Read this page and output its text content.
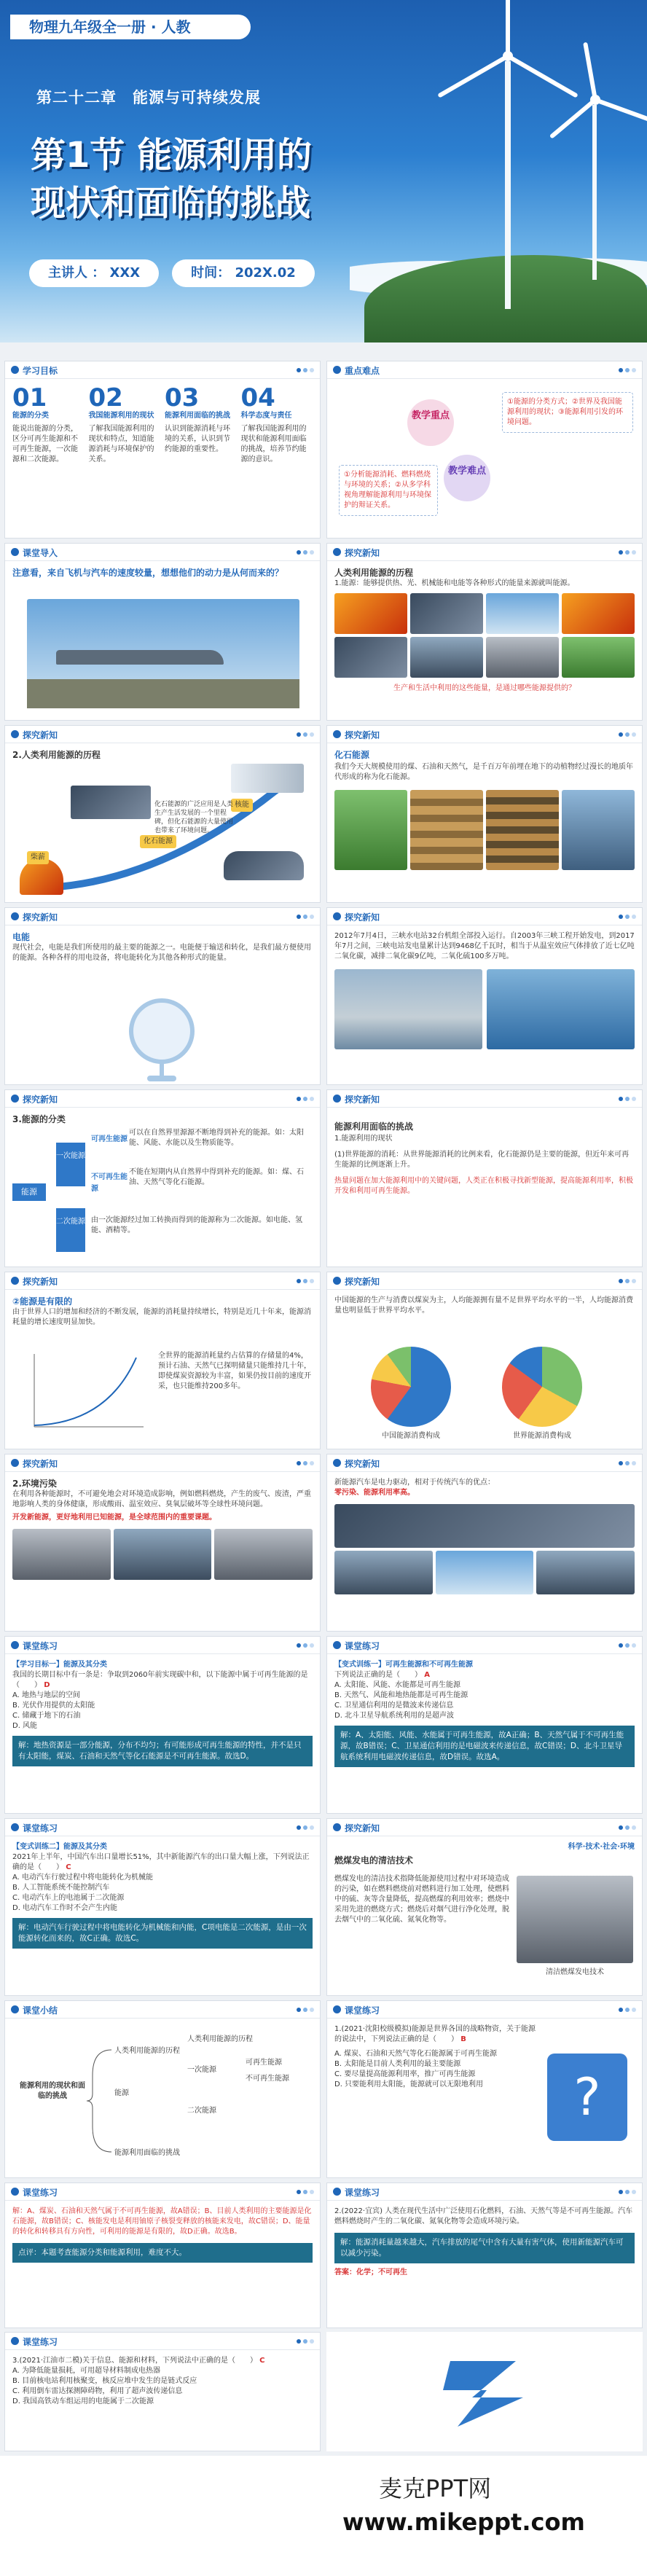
物理九年级全一册 · 人教
第二十二章　能源与可持续发展
第1节 能源利用的
现状和面临的挑战
主讲人 ： XXX	时间： 202X.02
学习目标
01
能源的分类
能说出能源的分类，区分可再生能源和不可再生能源，一次能源和二次能源。
02
我国能源利用的现状
了解我国能源利用的现状和特点，知道能源消耗与环境保护的关系。
03
能源利用面临的挑战
认识到能源消耗与环境的关系，认识到节约能源的重要性。
04
科学态度与责任
了解我国能源利用的现状和能源利用面临的挑战，培养节约能源的意识。
重点难点
教学重点
教学难点
①能源的分类方式；②世界及我国能源利用的现状；③能源利用引发的环境问题。
①分析能源消耗、燃料燃烧与环境的关系；②从多学科视角理解能源利用与环境保护的辩证关系。
课堂导入
注意看，来自飞机与汽车的速度较量，想想他们的动力是从何而来的？
探究新知
人类利用能源的历程
1.能源：能够提供热、光、机械能和电能等各种形式的能量来源就叫能源。
生产和生活中利用的这些能量，是通过哪些能源提供的？
探究新知
2.人类利用能源的历程
柴薪
化石能源
核能
化石能源的广泛应用是人类生产生活发展的一个里程碑，但化石能源的大量使用也带来了环境问题。
探究新知
化石能源
我们今天大规模使用的煤、石油和天然气，是千百万年前埋在地下的动植物经过漫长的地质年代形成的称为化石能源。
探究新知
电能
现代社会，电能是我们所使用的最主要的能源之一。电能便于输送和转化，是我们最方便使用的能源。各种各样的用电设备，将电能转化为其他各种形式的能量。
探究新知
2012年7月4日，三峡水电站32台机组全部投入运行。自2003年三峡工程开始发电，到2017年7月之间，三峡电站发电量累计达到9468亿千瓦时，相当于从温室效应气体排放了近七亿吨二氧化碳，减排二氧化碳9亿吨，二氧化硫100多万吨。
探究新知
3.能源的分类
能源
一次能源
二次能源
可再生能源
不可再生能源
可以在自然界里源源不断地得到补充的能源。如：太阳能、风能、水能以及生物质能等。
不能在短期内从自然界中得到补充的能源。如：煤、石油、天然气等化石能源。
由一次能源经过加工转换而得到的能源称为二次能源。如电能、氢能、酒精等。
探究新知
能源利用面临的挑战
1.能源利用的现状
(1)世界能源的消耗：从世界能源消耗的比例来看，化石能源仍是主要的能源，但近年来可再生能源的比例逐渐上升。
热量问题在加大能源利用中的关键问题，人类正在积极寻找新型能源，提高能源利用率，积极开发和利用可再生能源。
探究新知
②能源是有限的
由于世界人口的增加和经济的不断发展，能源的消耗量持续增长，特别是近几十年来，能源消耗量的增长速度明显加快。
全世界的能源消耗量约占估算的存储量的4%，预计石油、天然气已探明储量只能维持几十年，即使煤炭资源较为丰富，如果仍按目前的速度开采，也只能维持200多年。
探究新知
中国能源的生产与消费以煤炭为主，人均能源拥有量不足世界平均水平的一半，人均能源消费量也明显低于世界平均水平。
中国能源消费构成	世界能源消费构成
探究新知
2.环境污染
在利用各种能源时，不可避免地会对环境造成影响，例如燃料燃烧，产生的废气、废渣，严重地影响人类的身体健康，形成酸雨、温室效应、臭氧层破坏等全球性环境问题。
开发新能源，更好地利用已知能源，是全球范围内的重要课题。
探究新知
新能源汽车是电力驱动，相对于传统汽车的优点：
零污染、能源利用率高。
课堂练习
【学习目标一】能源及其分类
我国的长期目标中有一条是：争取到2060年前实现碳中和，以下能源中属于可再生能源的是（　　） D
A. 地热与地层的空间
B. 光伏作用提供的太阳能
C. 储藏于地下的石油
D. 风能
解：地热资源是一部分能源，分布不均匀；有可能形成可再生能源的特性，并不是只有太阳能，煤炭、石油和天然气等化石能源是不可再生能源。故选D。
课堂练习
【变式训练一】可再生能源和不可再生能源
下列说法正确的是（　　） A
A. 太阳能、风能、水能都是可再生能源
B. 天然气、风能和地热能都是可再生能源
C. 卫星通信利用的是微波来传递信息
D. 北斗卫星导航系统利用的是超声波
解：A、太阳能、风能、水能属于可再生能源，故A正确；B、天然气属于不可再生能源，故B错误；C、卫星通信利用的是电磁波来传递信息，故C错误；D、北斗卫星导航系统利用电磁波传递信息，故D错误。故选A。
课堂练习
【变式训练二】能源及其分类
2021年上半年，中国汽车出口量增长51%，其中新能源汽车的出口量大幅上涨，下列说法正确的是（　　） C
A. 电动汽车行驶过程中将电能转化为机械能
B. 人工智能系统不能控制汽车
C. 电动汽车上的电池属于二次能源
D. 电动汽车工作时不会产生内能
解：电动汽车行驶过程中将电能转化为机械能和内能，C项电能是二次能源，是由一次能源转化而来的，故C正确。故选C。
探究新知
科学·技术·社会·环境
燃煤发电的清洁技术
燃煤发电的清洁技术指降低能源使用过程中对环境造成的污染，如在燃料燃烧前对燃料进行加工处理，使燃料中的硫、灰等含量降低，提高燃煤的利用效率；燃烧中采用先进的燃烧方式；燃烧后对烟气进行净化处理，脱去烟气中的二氧化硫、氮氧化物等。
清洁燃煤发电技术
课堂小结
能源利用的现状和面临的挑战
人类利用能源的历程
能源
能源利用面临的挑战
人类利用能源的历程
一次能源
二次能源
可再生能源
不可再生能源
课堂练习
1.(2021·沈阳校级模拟)能源是世界各国的战略物资，关于能源的说法中，下列说法正确的是（　　） B
A. 煤炭、石油和天然气等化石能源属于可再生能源
B. 太阳能是目前人类利用的最主要能源
C. 要尽量提高能源利用率，推广可再生能源
D. 只要能利用太阳能，能源就可以无限地利用	?
课堂练习
解：A、煤炭、石油和天然气属于不可再生能源，故A错误；B、目前人类利用的主要能源是化石能源，故B错误；C、核能发电是利用铀原子核裂变释放的核能来发电，故C错误；D、能量的转化和转移具有方向性，可利用的能源是有限的，故D正确。故选B。
点评：本题考查能源分类和能源利用，难度不大。
课堂练习
2.(2022·宜宾) 人类在现代生活中广泛使用石化燃料，石油、天然气等是不可再生能源。汽车燃料燃烧时产生的二氧化碳、氮氧化物等会造成环境污染。
解：能源消耗量越来越大，汽车排放的尾气中含有大量有害气体，使用新能源汽车可以减少污染。
答案：化学；不可再生
课堂练习
3.(2021·江油市二模)关于信息、能源和材料，下列说法中正确的是（　　） C
A. 为降低能量损耗，可用超导材料制成电热器
B. 目前核电站利用核聚变，核反应堆中发生的是链式反应
C. 利用倒车雷达探测障碍物，利用了超声波传递信息
D. 我国高铁动车组运用的电能属于二次能源
麦克PPT网
www.mikeppt.com
